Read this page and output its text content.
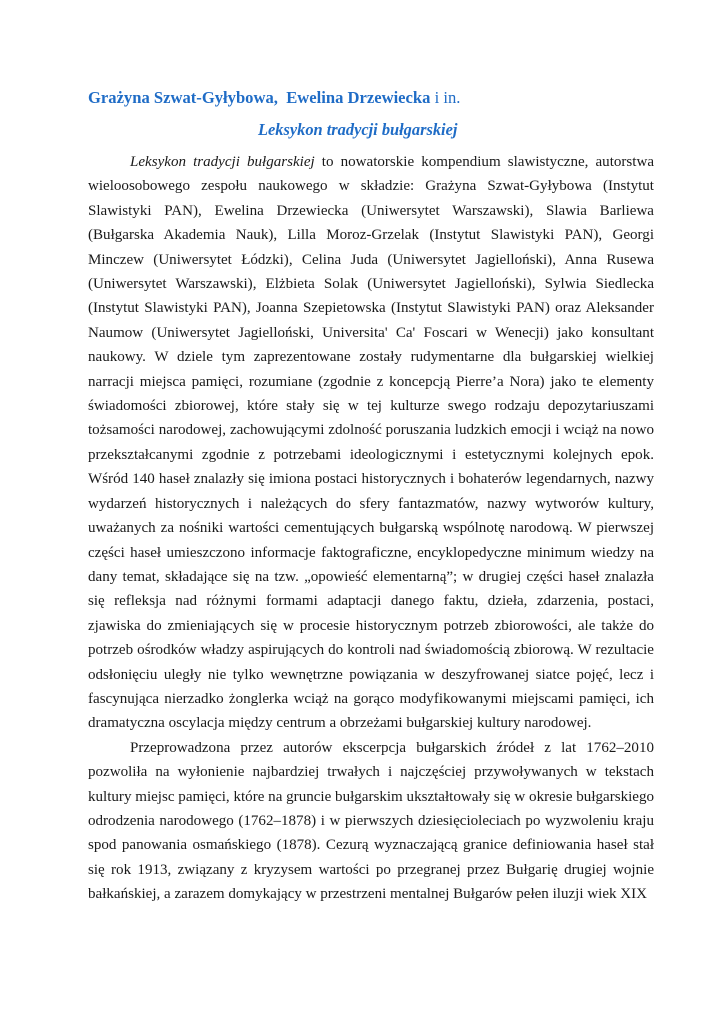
Grażyna Szwat-Gyłybowa, Ewelina Drzewiecka i in.
Leksykon tradycji bułgarskiej

Leksykon tradycji bułgarskiej to nowatorskie kompendium slawistyczne, autorstwa wieloosobowego zespołu naukowego w składzie: Grażyna Szwat-Gyłybowa (Instytut Slawistyki PAN), Ewelina Drzewiecka (Uniwersytet Warszawski), Slawia Barliewa (Bułgarska Akademia Nauk), Lilla Moroz-Grzelak (Instytut Slawistyki PAN), Georgi Minczew (Uniwersytet Łódzki), Celina Juda (Uniwersytet Jagielloński), Anna Rusewa (Uniwersytet Warszawski), Elżbieta Solak (Uniwersytet Jagielloński), Sylwia Siedlecka (Instytut Slawistyki PAN), Joanna Szepietowska (Instytut Slawistyki PAN) oraz Aleksander Naumow (Uniwersytet Jagielloński, Universita' Ca' Foscari w Wenecji) jako konsultant naukowy. W dziele tym zaprezentowane zostały rudymentarne dla bułgarskiej wielkiej narracji miejsca pamięci, rozumiane (zgodnie z koncepcją Pierre’a Nora) jako te elementy świadomości zbiorowej, które stały się w tej kulturze swego rodzaju depozytariuszami tożsamości narodowej, zachowującymi zdolność poruszania ludzkich emocji i wciąż na nowo przekształcanymi zgodnie z potrzebami ideologicznymi i estetycznymi kolejnych epok. Wśród 140 haseł znalazły się imiona postaci historycznych i bohaterów legendarnych, nazwy wydarzeń historycznych i należących do sfery fantazmatów, nazwy wytworów kultury, uważanych za nośniki wartości cementujących bułgarską wspólnotę narodową. W pierwszej części haseł umieszczono informacje faktograficzne, encyklopedyczne minimum wiedzy na dany temat, składające się na tzw. „opowieść elementarną”; w drugiej części haseł znalazła się refleksja nad różnymi formami adaptacji danego faktu, dzieła, zdarzenia, postaci, zjawiska do zmieniających się w procesie historycznym potrzeb zbiorowości, ale także do potrzeb ośrodków władzy aspirujących do kontroli nad świadomością zbiorową. W rezultacie odsłonięciu uległy nie tylko wewnętrzne powiązania w deszyfrowanej siatce pojęć, lecz i fascynująca nierzadko żonglerka wciąż na gorąco modyfikowanymi miejscami pamięci, ich dramatyczna oscylacja między centrum a obrzeżami bułgarskiej kultury narodowej.

Przeprowadzona przez autorów ekscerpcja bułgarskich źródeł z lat 1762–2010 pozwoliła na wyłonienie najbardziej trwałych i najczęściej przywoływanych w tekstach kultury miejsc pamięci, które na gruncie bułgarskim ukształtowały się w okresie bułgarskiego odrodzenia narodowego (1762–1878) i w pierwszych dziesięcioleciach po wyzwoleniu kraju spod panowania osmańskiego (1878). Cezurą wyznaczającą granice definiowania haseł stał się rok 1913, związany z kryzysem wartości po przegranej przez Bułgarię drugiej wojnie bałkańskiej, a zarazem domykający w przestrzeni mentalnej Bułgarów pełen iluzji wiek XIX
